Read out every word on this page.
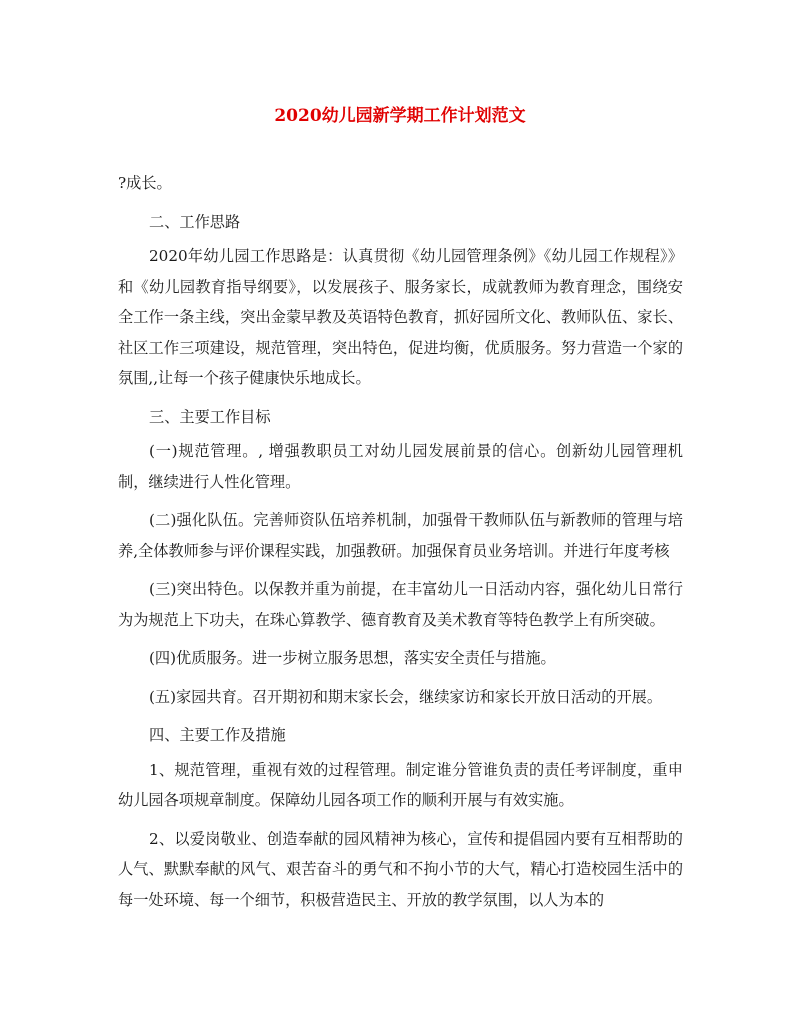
2020幼儿园新学期工作计划范文

?成长。

二、工作思路

2020年幼儿园工作思路是：认真贯彻《幼儿园管理条例》《幼儿园工作规程》》和《幼儿园教育指导纲要》，以发展孩子、服务家长，成就教师为教育理念，围绕安全工作一条主线，突出金蒙早教及英语特色教育，抓好园所文化、教师队伍、家长、社区工作三项建设，规范管理，突出特色，促进均衡，优质服务。努力营造一个家的氛围,,让每一个孩子健康快乐地成长。

三、主要工作目标

(一)规范管理。, 增强教职员工对幼儿园发展前景的信心。创新幼儿园管理机制，继续进行人性化管理。

(二)强化队伍。完善师资队伍培养机制，加强骨干教师队伍与新教师的管理与培养,全体教师参与评价课程实践，加强教研。加强保育员业务培训。并进行年度考核

(三)突出特色。以保教并重为前提，在丰富幼儿一日活动内容，强化幼儿日常行为为规范上下功夫，在珠心算教学、德育教育及美术教育等特色教学上有所突破。

(四)优质服务。进一步树立服务思想，落实安全责任与措施。

(五)家园共育。召开期初和期末家长会，继续家访和家长开放日活动的开展。

四、主要工作及措施

1、规范管理，重视有效的过程管理。制定谁分管谁负责的责任考评制度，重申幼儿园各项规章制度。保障幼儿园各项工作的顺利开展与有效实施。

2、以爱岗敬业、创造奉献的园风精神为核心，宣传和提倡园内要有互相帮助的人气、默默奉献的风气、艰苦奋斗的勇气和不拘小节的大气，精心打造校园生活中的每一处环境、每一个细节，积极营造民主、开放的教学氛围，以人为本的
